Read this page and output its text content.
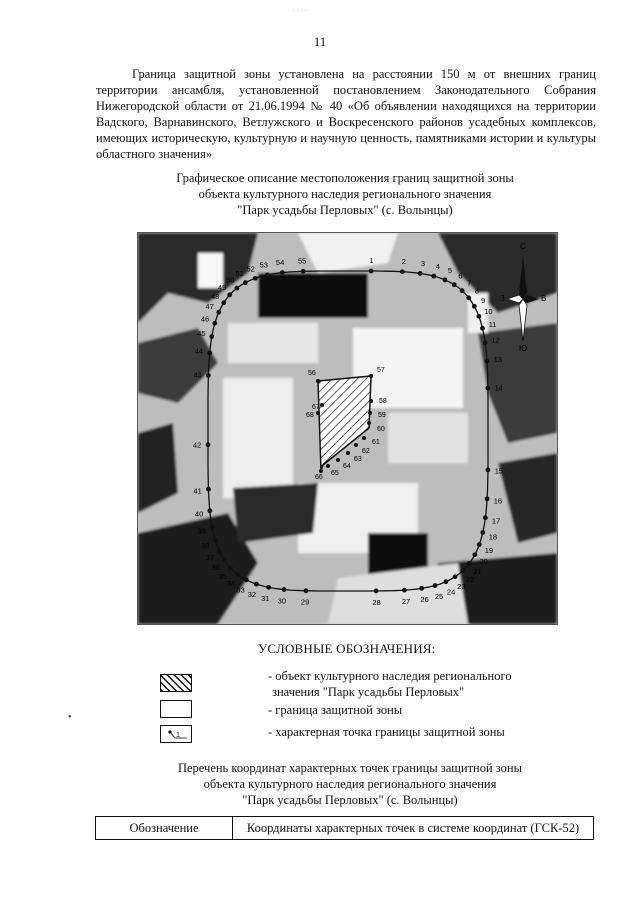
˙ ˙ ˙˙
11
Граница защитной зоны установлена на расстоянии 150 м от внешних границ территории ансамбля, установленной постановлением Законодательного Собрания Нижегородской области от 21.06.1994 № 40 «Об объявлении находящихся на территории Вадского, Варнавинского, Ветлужского и Воскресенского районов усадебных комплексов, имеющих историческую, культурную и научную ценность, памятниками истории и культуры областного значения»
Графическое описание местоположения границ защитной зоны
объекта культурного наследия регионального значения
"Парк усадьбы Перловых" (с. Волынцы)
1	2 3 4 5
6
7
8
9
10
11
12
13
14
15
16
17
18
19
20
21
22
23
24
25
26
27
28
29
30
31
32
33
34
35
36
37
38
39
40
41
42
43
44
45
46
47
48
49
50
51
52 53 54 55
56	57
58
59
60
61
62
63
64
65
66
67
68
С
В
Ю
З
УСЛОВНЫЕ ОБОЗНАЧЕНИЯ:
- объект культурного наследия регионального
значения "Парк усадьбы Перловых"
- граница защитной зоны
1	- характерная точка границы защитной зоны
•
Перечень координат характерных точек границы защитной зоны
объекта культурного наследия регионального значения
"Парк усадьбы Перловых" (с. Волынцы)
Обозначение	Координаты характерных точек в системе координат (ГСК-52)
